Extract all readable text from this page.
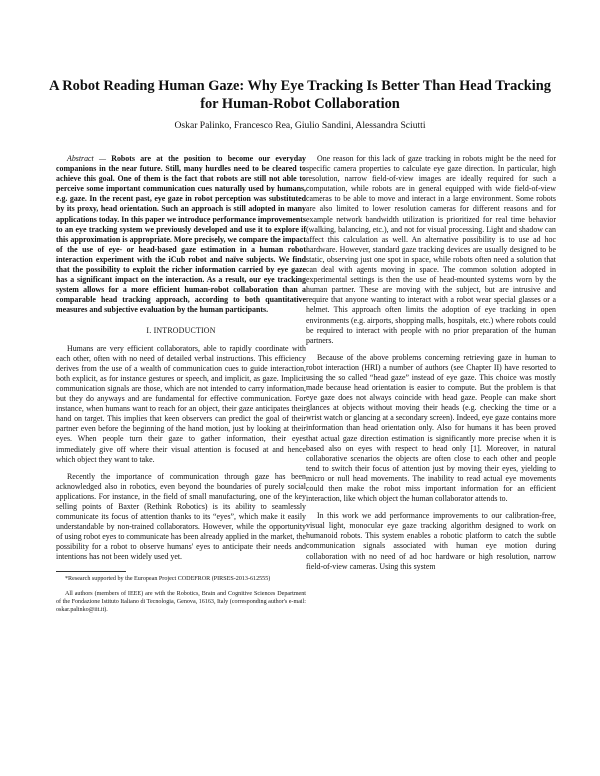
A Robot Reading Human Gaze: Why Eye Tracking Is Better Than Head Tracking for Human-Robot Collaboration
Oskar Palinko, Francesco Rea, Giulio Sandini, Alessandra Sciutti

Abstract — Robots are at the position to become our everyday companions in the near future. Still, many hurdles need to be cleared to achieve this goal. One of them is the fact that robots are still not able to perceive some important communication cues naturally used by humans, e.g. gaze. In the recent past, eye gaze in robot perception was substituted by its proxy, head orientation. Such an approach is still adopted in many applications today. In this paper we introduce performance improvements to an eye tracking system we previously developed and use it to explore if this approximation is appropriate. More precisely, we compare the impact of the use of eye- or head-based gaze estimation in a human robot interaction experiment with the iCub robot and naïve subjects. We find that the possibility to exploit the richer information carried by eye gaze has a significant impact on the interaction. As a result, our eye tracking system allows for a more efficient human-robot collaboration than a comparable head tracking approach, according to both quantitative measures and subjective evaluation by the human participants.

I. INTRODUCTION

Humans are very efficient collaborators, able to rapidly coordinate with each other, often with no need of detailed verbal instructions. This efficiency derives from the use of a wealth of communication cues to guide interaction, both explicit, as for instance gestures or speech, and implicit, as gaze. Implicit communication signals are those, which are not intended to carry information, but they do anyways and are fundamental for effective communication. For instance, when humans want to reach for an object, their gaze anticipates their hand on target. This implies that keen observers can predict the goal of their partner even before the beginning of the hand motion, just by looking at their eyes. When people turn their gaze to gather information, their eyes immediately give off where their visual attention is focused at and hence which object they want to take.

Recently the importance of communication through gaze has been acknowledged also in robotics, even beyond the boundaries of purely social applications. For instance, in the field of small manufacturing, one of the key selling points of Baxter (Rethink Robotics) is its ability to seamlessly communicate its focus of attention thanks to its “eyes”, which make it easily understandable by non-trained collaborators. However, while the opportunity of using robot eyes to communicate has been already applied in the market, the possibility for a robot to observe humans' eyes to anticipate their needs and intentions has not been widely used yet.

*Research supported by the European Project CODEFROR (PIRSES-2013-612555)

All authors (members of IEEE) are with the Robotics, Brain and Cognitive Sciences Department of the Fondazione Istituto Italiano di Tecnologia, Genova, 16163, Italy (corresponding author's e-mail: oskar.palinko@iit.it).

One reason for this lack of gaze tracking in robots might be the need for specific camera properties to calculate eye gaze direction. In particular, high resolution, narrow field-of-view images are ideally required for such a computation, while robots are in general equipped with wide field-of-view cameras to be able to move and interact in a large environment. Some robots are also limited to lower resolution cameras for different reasons and for example network bandwidth utilization is prioritized for real time behavior (walking, balancing, etc.), and not for visual processing. Light and shadow can affect this calculation as well. An alternative possibility is to use ad hoc hardware. However, standard gaze tracking devices are usually designed to be static, observing just one spot in space, while robots often need a solution that can deal with agents moving in space. The common solution adopted in experimental settings is then the use of head-mounted systems worn by the human partner. These are moving with the subject, but are intrusive and require that anyone wanting to interact with a robot wear special glasses or a helmet. This approach often limits the adoption of eye tracking in open environments (e.g. airports, shopping malls, hospitals, etc.) where robots could be required to interact with people with no prior preparation of the human partners.

Because of the above problems concerning retrieving gaze in human to robot interaction (HRI) a number of authors (see Chapter II) have resorted to using the so called “head gaze” instead of eye gaze. This choice was mostly made because head orientation is easier to compute. But the problem is that eye gaze does not always coincide with head gaze. People can make short glances at objects without moving their heads (e.g. checking the time or a wrist watch or glancing at a secondary screen). Indeed, eye gaze contains more information than head orientation only. Also for humans it has been proved that actual gaze direction estimation is significantly more precise when it is based also on eyes with respect to head only [1]. Moreover, in natural collaborative scenarios the objects are often close to each other and people tend to switch their focus of attention just by moving their eyes, yielding to micro or null head movements. The inability to read actual eye movements could then make the robot miss important information for an efficient interaction, like which object the human collaborator attends to.

In this work we add performance improvements to our calibration-free, visual light, monocular eye gaze tracking algorithm designed to work on humanoid robots. This system enables a robotic platform to catch the subtle communication signals associated with human eye motion during collaboration with no need of ad hoc hardware or high resolution, narrow field-of-view cameras. Using this system
